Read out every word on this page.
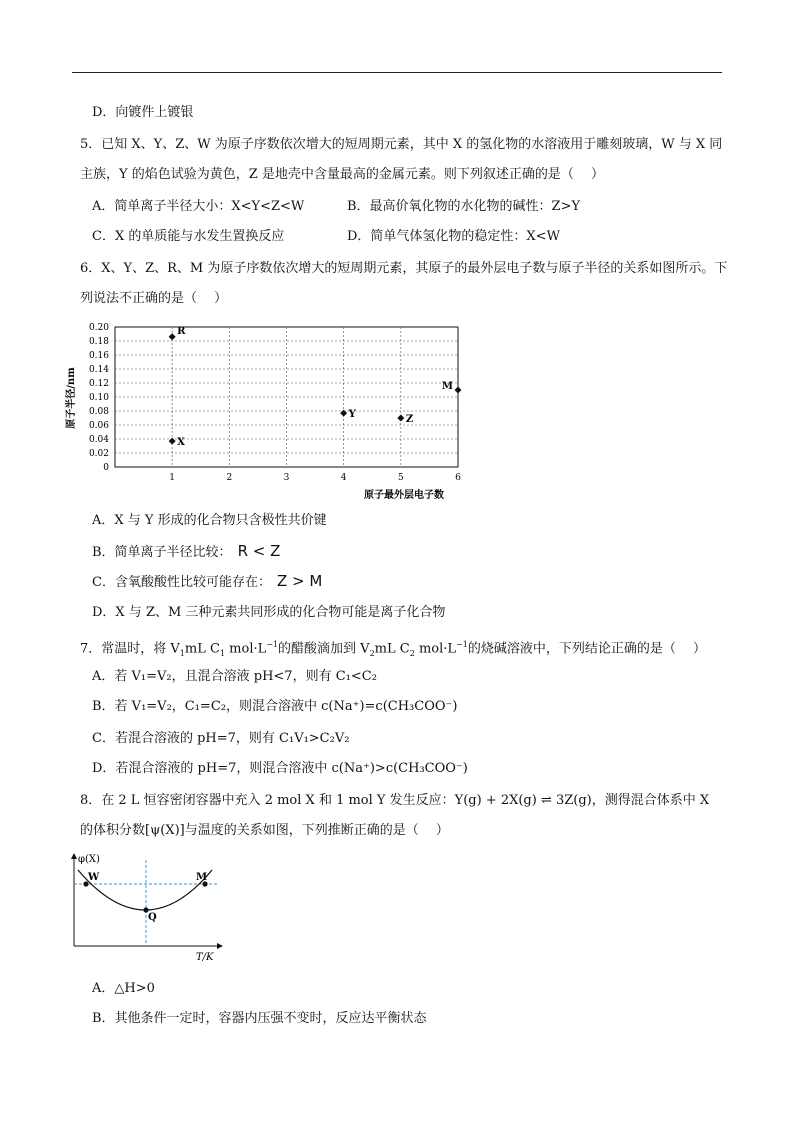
D．向镀件上镀银
5．已知 X、Y、Z、W 为原子序数依次增大的短周期元素，其中 X 的氢化物的水溶液用于雕刻玻璃，W 与 X 同
主族，Y 的焰色试验为黄色，Z 是地壳中含量最高的金属元素。则下列叙述正确的是（　 ）
A．简单离子半径大小：X<Y<Z<W	B．最高价氧化物的水化物的碱性：Z>Y
C．X 的单质能与水发生置换反应	D．简单气体氢化物的稳定性：X<W
6．X、Y、Z、R、M 为原子序数依次增大的短周期元素，其原子的最外层电子数与原子半径的关系如图所示。下
列说法不正确的是（　 ）
0
0.02
0.04
0.06
0.08
0.10
0.12
0.14
0.16
0.18
0.20
1	2	3	4	5	6
R
X
Y	Z
M
原子半径/nm
原子最外层电子数
A．X 与 Y 形成的化合物只含极性共价键
B．简单离子半径比较： R < Z
C．含氧酸酸性比较可能存在： Z > M
D．X 与 Z、M 三种元素共同形成的化合物可能是离子化合物
7．常温时，将 $V_1mL$ $C_1$ $mol\cdot L^{-1}$的醋酸滴加到 $V_2mL$ $C_2$ $mol\cdot L^{-1}$的烧碱溶液中，下列结论正确的是（　 ）
A．若 V₁=V₂，且混合溶液 pH<7，则有 C₁<C₂
B．若 V₁=V₂，C₁=C₂，则混合溶液中 c(Na⁺)=c(CH₃COO⁻)
C．若混合溶液的 pH=7，则有 C₁V₁>C₂V₂
D．若混合溶液的 pH=7，则混合溶液中 c(Na⁺)>c(CH₃COO⁻)
8．在 2 L 恒容密闭容器中充入 2 mol X 和 1 mol Y 发生反应：Y(g) + 2X(g) ⇌ 3Z(g)，测得混合体系中 X
的体积分数[ψ(X)]与温度的关系如图，下列推断正确的是（　 ）
W
Q
M
φ(X)
T/K
A．△H>0
B．其他条件一定时，容器内压强不变时，反应达平衡状态
